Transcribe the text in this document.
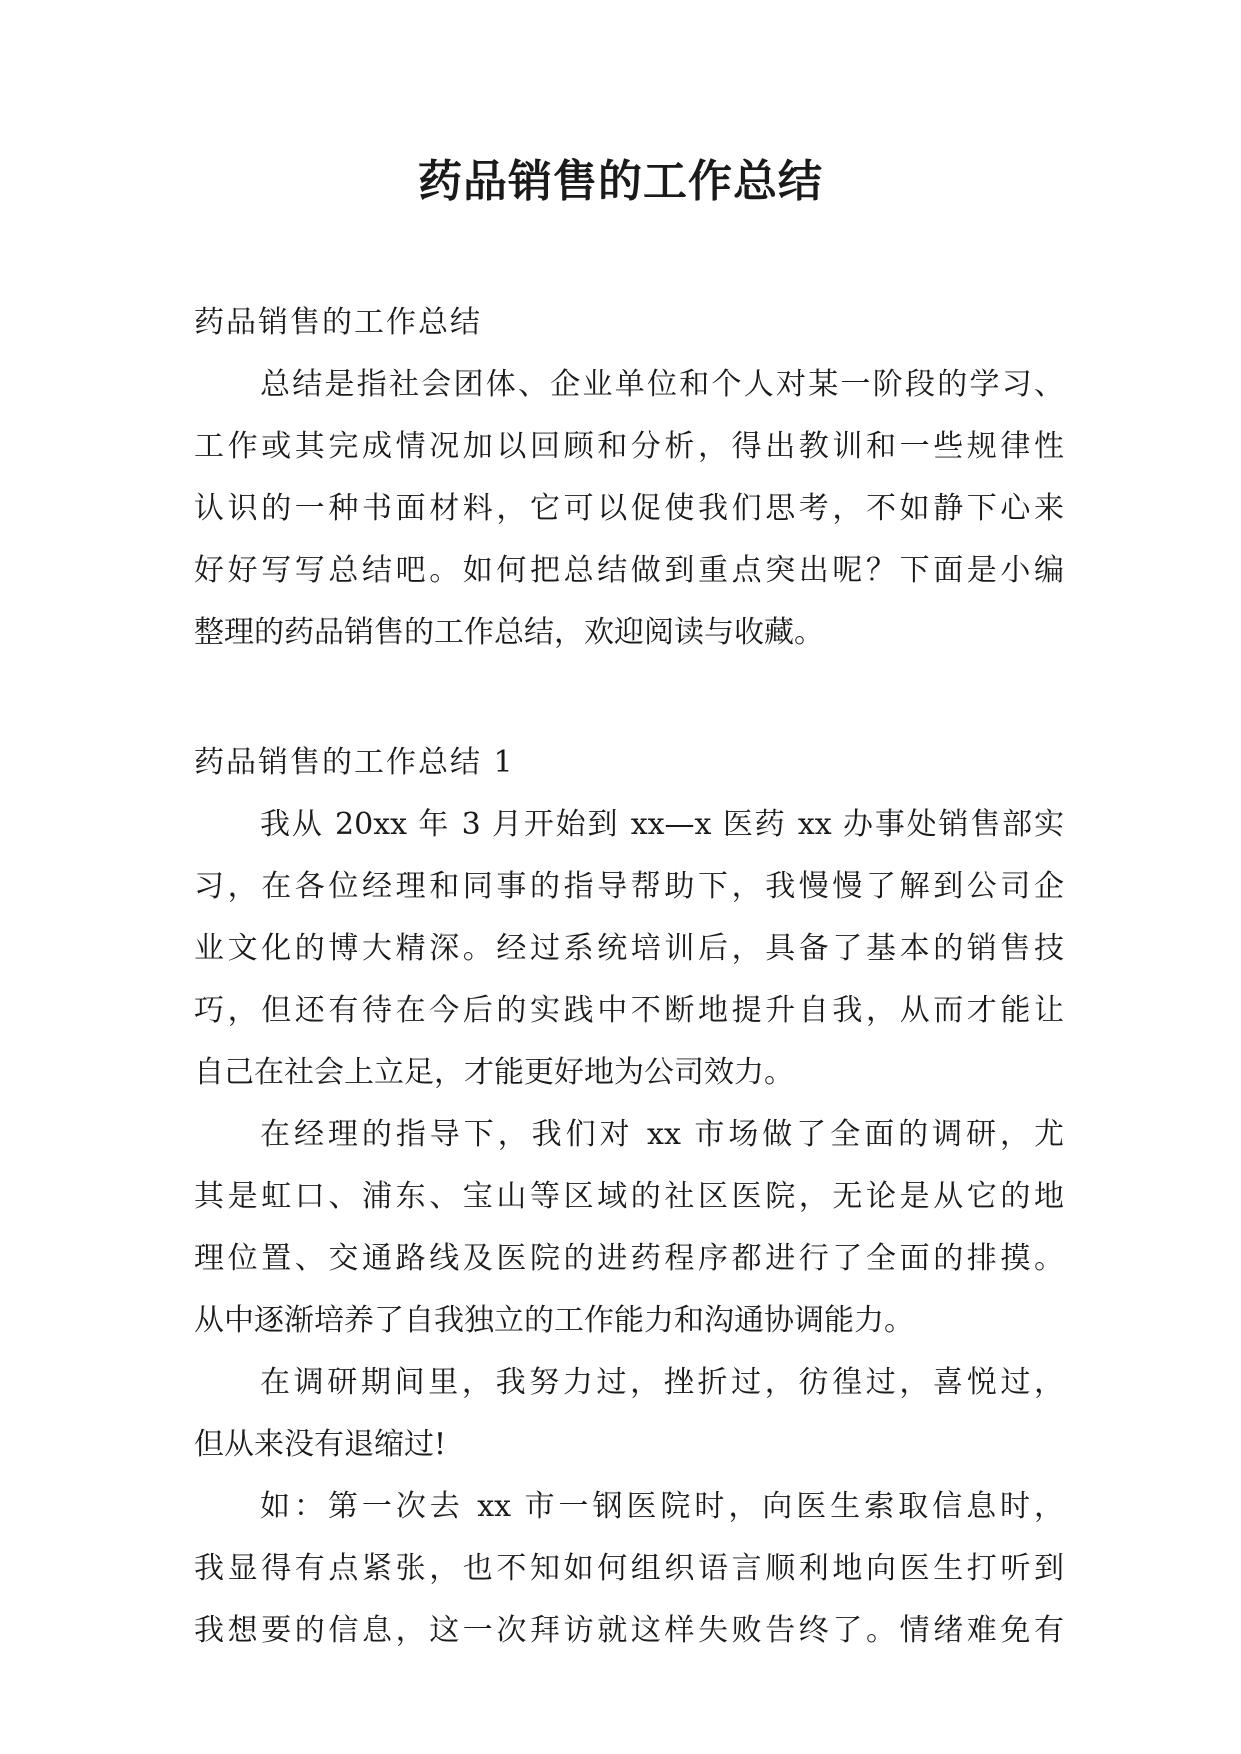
药品销售的工作总结

药品销售的工作总结

总结是指社会团体、企业单位和个人对某一阶段的学习、

工作或其完成情况加以回顾和分析，得出教训和一些规律性

认识的一种书面材料，它可以促使我们思考，不如静下心来

好好写写总结吧。如何把总结做到重点突出呢？下面是小编

整理的药品销售的工作总结，欢迎阅读与收藏。

药品销售的工作总结 1

我从 20xx 年 3 月开始到 xx—x 医药 xx 办事处销售部实

习，在各位经理和同事的指导帮助下，我慢慢了解到公司企

业文化的博大精深。经过系统培训后，具备了基本的销售技

巧，但还有待在今后的实践中不断地提升自我，从而才能让

自己在社会上立足，才能更好地为公司效力。

在经理的指导下，我们对 xx 市场做了全面的调研，尤

其是虹口、浦东、宝山等区域的社区医院，无论是从它的地

理位置、交通路线及医院的进药程序都进行了全面的排摸。

从中逐渐培养了自我独立的工作能力和沟通协调能力。

在调研期间里，我努力过，挫折过，彷徨过，喜悦过，

但从来没有退缩过!

如：第一次去 xx 市一钢医院时，向医生索取信息时，

我显得有点紧张，也不知如何组织语言顺利地向医生打听到

我想要的信息，这一次拜访就这样失败告终了。情绪难免有
